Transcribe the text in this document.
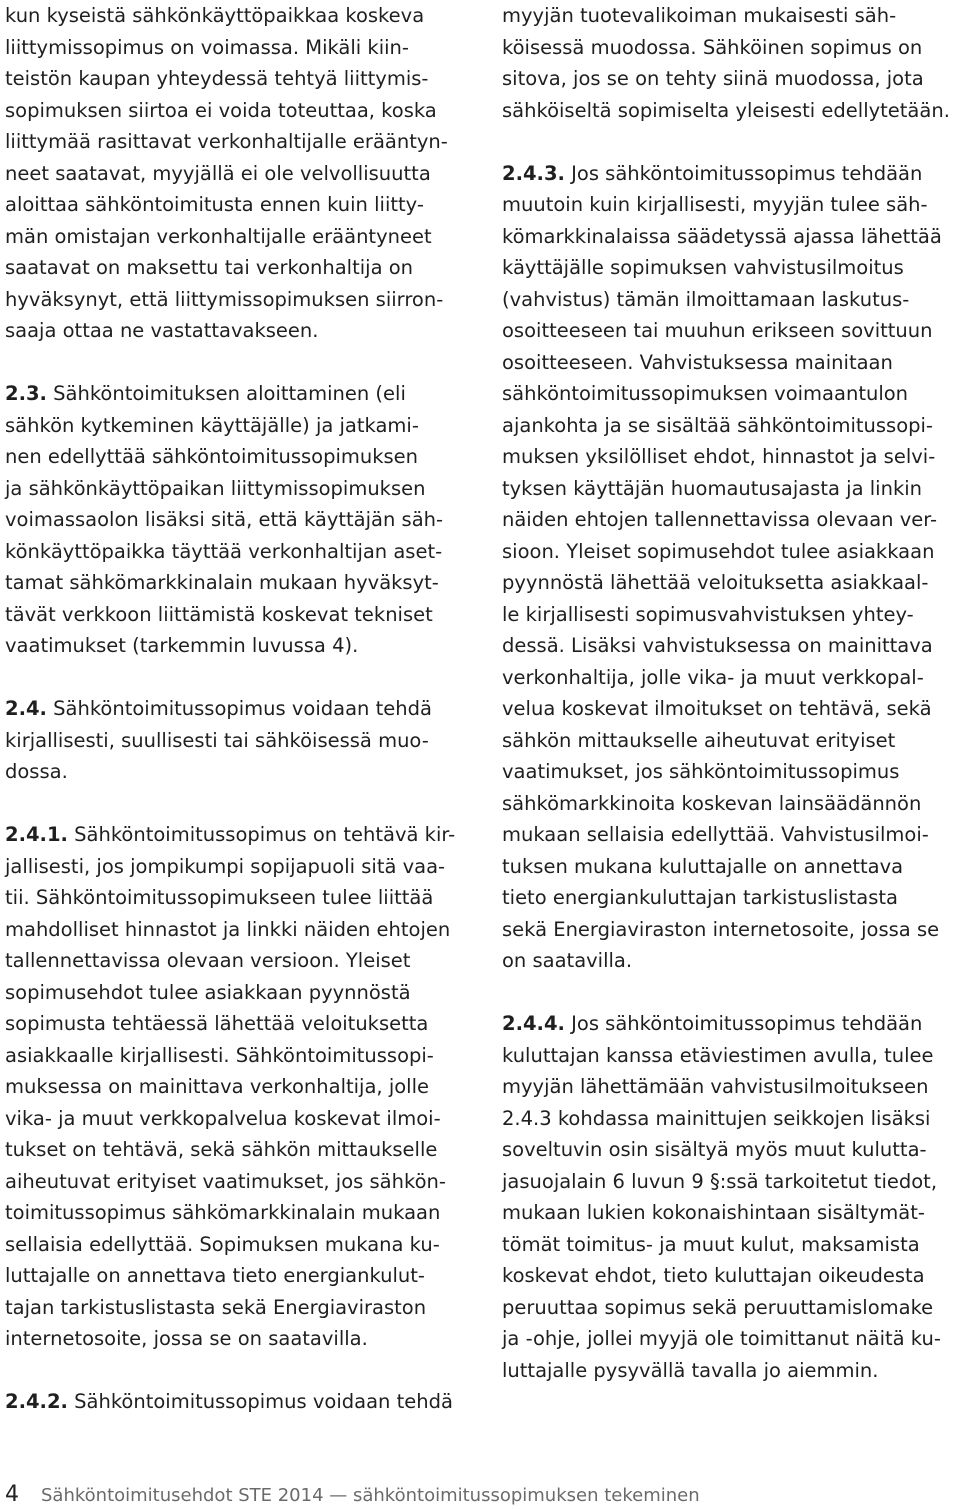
kun kyseistä sähkönkäyttöpaikkaa koskeva
liittymissopimus on voimassa. Mikäli kiin-
teistön kaupan yhteydessä tehtyä liittymis-
sopimuksen siirtoa ei voida toteuttaa, koska
liittymää rasittavat verkonhaltijalle erääntyn-
neet saatavat, myyjällä ei ole velvollisuutta
aloittaa sähköntoimitusta ennen kuin liitty-
män omistajan verkonhaltijalle erääntyneet
saatavat on maksettu tai verkonhaltija on
hyväksynyt, että liittymissopimuksen siirron-
saaja ottaa ne vastattavakseen.

2.3. Sähköntoimituksen aloittaminen (eli
sähkön kytkeminen käyttäjälle) ja jatkami-
nen edellyttää sähköntoimitussopimuksen
ja sähkönkäyttöpaikan liittymissopimuksen
voimassaolon lisäksi sitä, että käyttäjän säh-
könkäyttöpaikka täyttää verkonhaltijan aset-
tamat sähkömarkkinalain mukaan hyväksyt-
tävät verkkoon liittämistä koskevat tekniset
vaatimukset (tarkemmin luvussa 4).

2.4. Sähköntoimitussopimus voidaan tehdä
kirjallisesti, suullisesti tai sähköisessä muo-
dossa.

2.4.1. Sähköntoimitussopimus on tehtävä kir-
jallisesti, jos jompikumpi sopijapuoli sitä vaa-
tii. Sähköntoimitussopimukseen tulee liittää
mahdolliset hinnastot ja linkki näiden ehtojen
tallennettavissa olevaan versioon. Yleiset
sopimusehdot tulee asiakkaan pyynnöstä
sopimusta tehtäessä lähettää veloituksetta
asiakkaalle kirjallisesti. Sähköntoimitussopi-
muksessa on mainittava verkonhaltija, jolle
vika- ja muut verkkopalvelua koskevat ilmoi-
tukset on tehtävä, sekä sähkön mittaukselle
aiheutuvat erityiset vaatimukset, jos sähkön-
toimitussopimus sähkömarkkinalain mukaan
sellaisia edellyttää. Sopimuksen mukana ku-
luttajalle on annettava tieto energiankulut-
tajan tarkistuslistasta sekä Energiaviraston
internetosoite, jossa se on saatavilla.

2.4.2. Sähköntoimitussopimus voidaan tehdä

myyjän tuotevalikoiman mukaisesti säh-
köisessä muodossa. Sähköinen sopimus on
sitova, jos se on tehty siinä muodossa, jota
sähköiseltä sopimiselta yleisesti edellytetään.

2.4.3. Jos sähköntoimitussopimus tehdään
muutoin kuin kirjallisesti, myyjän tulee säh-
kömarkkinalaissa säädetyssä ajassa lähettää
käyttäjälle sopimuksen vahvistusilmoitus
(vahvistus) tämän ilmoittamaan laskutus-
osoitteeseen tai muuhun erikseen sovittuun
osoitteeseen. Vahvistuksessa mainitaan
sähköntoimitussopimuksen voimaantulon
ajankohta ja se sisältää sähköntoimitussopi-
muksen yksilölliset ehdot, hinnastot ja selvi-
tyksen käyttäjän huomautusajasta ja linkin
näiden ehtojen tallennettavissa olevaan ver-
sioon. Yleiset sopimusehdot tulee asiakkaan
pyynnöstä lähettää veloituksetta asiakkaal-
le kirjallisesti sopimusvahvistuksen yhtey-
dessä. Lisäksi vahvistuksessa on mainittava
verkonhaltija, jolle vika- ja muut verkkopal-
velua koskevat ilmoitukset on tehtävä, sekä
sähkön mittaukselle aiheutuvat erityiset
vaatimukset, jos sähköntoimitussopimus
sähkömarkkinoita koskevan lainsäädännön
mukaan sellaisia edellyttää. Vahvistusilmoi-
tuksen mukana kuluttajalle on annettava
tieto energiankuluttajan tarkistuslistasta
sekä Energiaviraston internetosoite, jossa se
on saatavilla.

2.4.4. Jos sähköntoimitussopimus tehdään
kuluttajan kanssa etäviestimen avulla, tulee
myyjän lähettämään vahvistusilmoitukseen
2.4.3 kohdassa mainittujen seikkojen lisäksi
soveltuvin osin sisältyä myös muut kulutta-
jasuojalain 6 luvun 9 §:ssä tarkoitetut tiedot,
mukaan lukien kokonaishintaan sisältymät-
tömät toimitus- ja muut kulut, maksamista
koskevat ehdot, tieto kuluttajan oikeudesta
peruuttaa sopimus sekä peruuttamislomake
ja -ohje, jollei myyjä ole toimittanut näitä ku-
luttajalle pysyvällä tavalla jo aiemmin.

4 Sähköntoimitusehdot STE 2014 — sähköntoimitussopimuksen tekeminen
